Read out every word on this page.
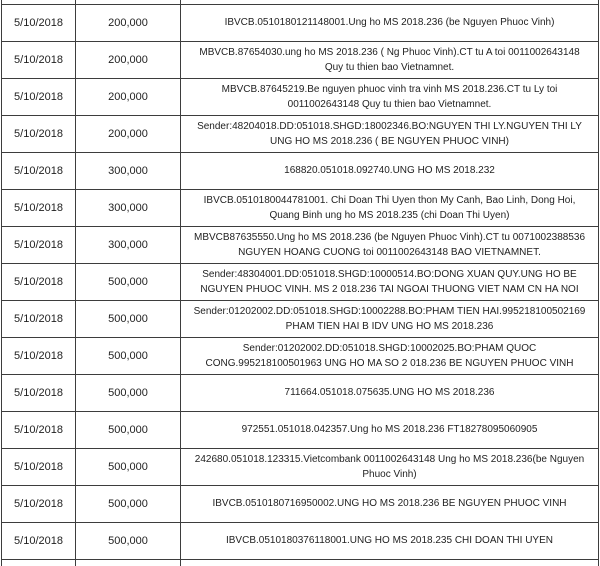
5/10/2018	200,000	IBVCB.0510180121148001.Ung ho MS 2018.236 (be Nguyen Phuoc Vinh)
5/10/2018	200,000	MBVCB.87654030.ung ho MS 2018.236 ( Ng Phuoc Vinh).CT tu A toi 0011002643148
Quy tu thien bao Vietnamnet.
5/10/2018	200,000	MBVCB.87645219.Be nguyen phuoc vinh tra vinh MS 2018.236.CT tu Ly toi
0011002643148 Quy tu thien bao Vietnamnet.
5/10/2018	200,000	Sender:48204018.DD:051018.SHGD:18002346.BO:NGUYEN THI LY.NGUYEN THI LY
UNG HO MS 2018.236 ( BE NGUYEN PHUOC VINH)
5/10/2018	300,000	168820.051018.092740.UNG HO MS 2018.232
5/10/2018	300,000	IBVCB.0510180044781001. Chi Doan Thi Uyen thon My Canh, Bao Linh, Dong Hoi,
Quang Binh ung ho MS 2018.235 (chi Doan Thi Uyen)
5/10/2018	300,000	MBVCB87635550.Ung ho MS 2018.236 (be Nguyen Phuoc Vinh).CT tu 0071002388536
NGUYEN HOANG CUONG toi 0011002643148 BAO VIETNAMNET.
5/10/2018	500,000	Sender:48304001.DD:051018.SHGD:10000514.BO:DONG XUAN QUY.UNG HO BE
NGUYEN PHUOC VINH. MS 2 018.236 TAI NGOAI THUONG VIET NAM CN HA NOI
5/10/2018	500,000	Sender:01202002.DD:051018.SHGD:10002288.BO:PHAM TIEN HAI.995218100502169
PHAM TIEN HAI B IDV UNG HO MS 2018.236
5/10/2018	500,000	Sender:01202002.DD:051018.SHGD:10002025.BO:PHAM QUOC
CONG.995218100501963 UNG HO MA SO 2 018.236 BE NGUYEN PHUOC VINH
5/10/2018	500,000	711664.051018.075635.UNG HO MS 2018.236
5/10/2018	500,000	972551.051018.042357.Ung ho MS 2018.236 FT18278095060905
5/10/2018	500,000	242680.051018.123315.Vietcombank 0011002643148 Ung ho MS 2018.236(be Nguyen
Phuoc Vinh)
5/10/2018	500,000	IBVCB.0510180716950002.UNG HO MS 2018.236 BE NGUYEN PHUOC VINH
5/10/2018	500,000	IBVCB.0510180376118001.UNG HO MS 2018.235 CHI DOAN THI UYEN
